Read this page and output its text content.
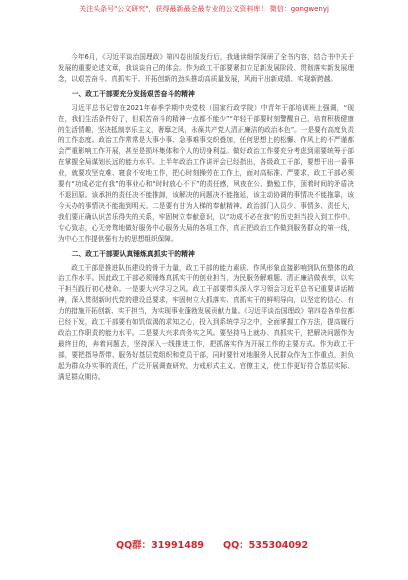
关注头条号"公文研究"，获得最新最全最专业的公文资料库！ 微信：gongwenyj

今年6月，《习近平谈治国理政》第四卷出版发行后，我通读细学深研了全书内容，结合书中关于发展的重要论述文章，我谈谈自己的体会。作为政工干部要紧扣立足新发展阶段、贯彻落实新发展理念，以艰苦奋斗、真抓实干、开拓创新的劲头推动高质量发展，风雨干出新成绩、实现新跨越。

一、政工干部要充分发扬艰苦奋斗的精神

习近平总书记曾在2021年春季学期中央党校（国家行政学院）中青年干部培训班上强调，“现在，我们生活条件好了，但艰苦奋斗的精神一点都不能少”“年轻干部要时刻警醒自己，培育积极健康的生活情趣，坚决抵制享乐主义，奢靡之风，永葆共产党人清正廉洁的政治本色”。一是要有高度负责的工作态度。政治工作常常是大事小事、急事难事交织叠加，任何思想上的松懈、作风上的不严谨都会严重影响工作开展，甚至是损坏集体和个人的切身利益。做好政治工作要充分考虑到需要统筹于部在掌握全局谋划长远的能力水平。上半年政治工作讲评会已经指出，各级政工干部，要想干出一番事业，就要攻坚克难、寝食不安地工作，把心时刻操劳在工作上，面对高标准、严要求，政工干部必须要有“功成必定有我”的事业心和“时时放心不下”的责任感，夙夜在公、勤勉工作，顶着时间的矛盾决不退回原。该承担的责任决不能推卸，该解决的问题决不能拖延，该主动协调的事情决不能拖靠，该今天办的事情决不能拖到明天。二是要有甘为人梯的奉献精神。政治部门人员少、事情多、责任大，我们要正确认识苦乐得失的关系，牢固树立奉献意识，以“功成不必在我”的历史担当投入到工作中。专心致志，心无旁骛地做好服务中心服务大局的各项工作，真正把政治工作做到服务群众的第一线，为中心工作提供强有力的思想组织保障。

二、政工干部要认真锤炼真抓实干的精神

政工干部是推进队伍建设的骨干力量，政工干部的能力素质、作风形象直接影响到队伍整体的政治工作水平。因此政工干部必须锤炼真抓实干的创业担当，为民服务解难题、清正廉洁做表率，以实干担当践行初心使命。一是要大兴学习之风。政工干部要带头深入学习领会习近平总书记重要讲话精神，深入贯彻新时代党的建设总要求，牢固树立大抓落实、真抓实干的鲜明导向，以坚定的信心、有力的措施开拓创新、实干担当，为实现事业蓬勃发展贡献力量。《习近平谈治国理政》第四卷各单位都已经下发，政工干部要有如饥似渴的求知之心，投入到系统学习之中，全面掌握工作方法，提高履行政治工作职责的能力水平。二是要大兴求真务实之风。要坚持马上就办、真抓实干，把解决问题作为最终目的，奔着问题去，坚持深入一线推进工作，把抓落实作为开展工作的主要方式。作为政工干部，要把指导帮带、服务好基层党组织和党员干部，同时要针对地服务人民群众作为工作重点，担负起为群众办实事的责任，广泛开展调查研究，力戒形式主义、官僚主义，使工作更好符合基层实际、满足群众期待。

QQ群：31991489 QQ：535304092
